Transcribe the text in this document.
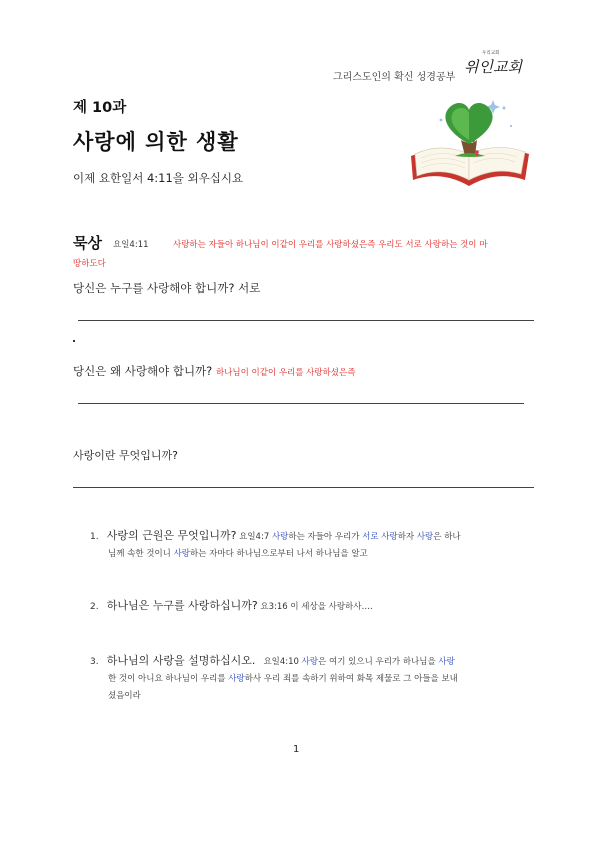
그리스도인의 확신 성경공부
우리교회
위인교회
제 10과
사랑에 의한 생활
이제 요한일서 4:11을 외우십시요
묵상 요일4:11	사랑하는 자들아 하나님이 이같이 우리를 사랑하셨은즉 우리도 서로 사랑하는 것이 마
땅하도다
당신은 누구를 사랑해야 합니까? 서로
당신은 왜 사랑해야 합니까? 하나님이 이같이 우리를 사랑하셨은즉
사랑이란 무엇입니까?
1. 사랑의 근원은 무엇입니까? 요일4:7 사랑하는 자들아 우리가 서로 사랑하자 사랑은 하나
님께 속한 것이니 사랑하는 자마다 하나님으로부터 나서 하나님을 알고
2. 하나님은 누구를 사랑하십니까? 요3:16 이 세상을 사랑하사….
3. 하나님의 사랑을 설명하십시오. 요일4:10 사랑은 여기 있으니 우리가 하나님을 사랑
한 것이 아니요 하나님이 우리를 사랑하사 우리 죄를 속하기 위하여 화목 제물로 그 아들을 보내
셨음이라
1
